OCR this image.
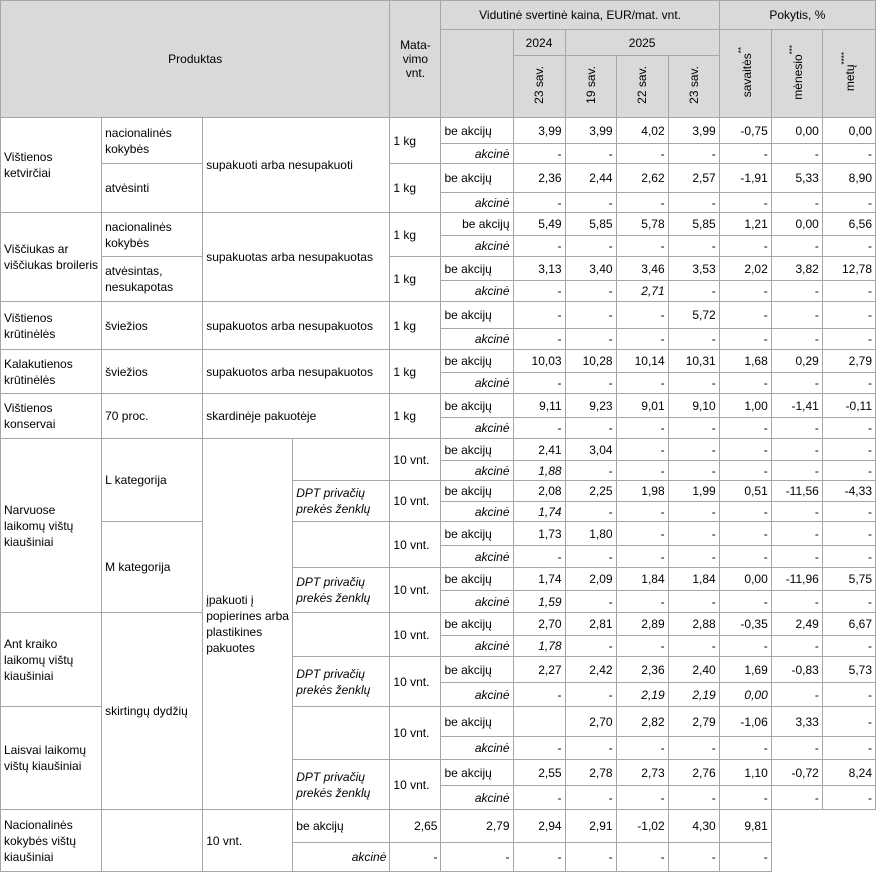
Produktas				Mata-vimo vnt.	Vidutinė svertinė kaina, EUR/mat. vnt.					Pokytis, %		
						2024	2025			savaitės**	mėnesio***	metų****
						23 sav.	19 sav.	22 sav.	23 sav.			
Vištienos ketvirčiai	nacionalinės kokybės	supakuoti arba nesupakuoti		1 kg	be akcijų	3,99	3,99	4,02	3,99	-0,75	0,00	0,00
					akcinė	-	-	-	-	-	-	-
	atvėsinti			1 kg	be akcijų	2,36	2,44	2,62	2,57	-1,91	5,33	8,90
					akcinė	-	-	-	-	-	-	-
Viščiukas ar viščiukas broileris	nacionalinės kokybės	supakuotas arba nesupakuotas		1 kg	be akcijų	5,49	5,85	5,78	5,85	1,21	0,00	6,56
					akcinė	-	-	-	-	-	-	-
	atvėsintas, nesukapotas			1 kg	be akcijų	3,13	3,40	3,46	3,53	2,02	3,82	12,78
					akcinė	-	-	2,71	-	-	-	-
Vištienos krūtinėlės	šviežios	supakuotos arba nesupakuotos		1 kg	be akcijų	-	-	-	5,72	-	-	-
					akcinė	-	-	-	-	-	-	-
Kalakutienos krūtinėlės	šviežios	supakuotos arba nesupakuotos		1 kg	be akcijų	10,03	10,28	10,14	10,31	1,68	0,29	2,79
					akcinė	-	-	-	-	-	-	-
Vištienos konservai	70 proc.	skardinėje pakuotėje		1 kg	be akcijų	9,11	9,23	9,01	9,10	1,00	-1,41	-0,11
					akcinė	-	-	-	-	-	-	-
Narvuose laikomų vištų kiaušiniai	L kategorija	įpakuoti į popierines arba plastikines pakuotes		10 vnt.	be akcijų	2,41	3,04	-	-	-	-	-
					akcinė	1,88	-	-	-	-	-	-
			DPT privačių prekės ženklų	10 vnt.	be akcijų	2,08	2,25	1,98	1,99	0,51	-11,56	-4,33
					akcinė	1,74	-	-	-	-	-	-
	M kategorija			10 vnt.	be akcijų	1,73	1,80	-	-	-	-	-
					akcinė	-	-	-	-	-	-	-
			DPT privačių prekės ženklų	10 vnt.	be akcijų	1,74	2,09	1,84	1,84	0,00	-11,96	5,75
					akcinė	1,59	-	-	-	-	-	-
Ant kraiko laikomų vištų kiaušiniai	skirtingų dydžių			10 vnt.	be akcijų	2,70	2,81	2,89	2,88	-0,35	2,49	6,67
					akcinė	1,78	-	-	-	-	-	-
			DPT privačių prekės ženklų	10 vnt.	be akcijų	2,27	2,42	2,36	2,40	1,69	-0,83	5,73
					akcinė	-	-	2,19	2,19	0,00	-	-
Laisvai laikomų vištų kiaušiniai				10 vnt.	be akcijų		2,70	2,82	2,79	-1,06	3,33	-
					akcinė	-	-	-	-	-	-	-
			DPT privačių prekės ženklų	10 vnt.	be akcijų	2,55	2,78	2,73	2,76	1,10	-0,72	8,24
					akcinė	-	-	-	-	-	-	-
Nacionalinės kokybės vištų kiaušiniai		10 vnt.	be akcijų	2,65	2,79	2,94	2,91	-1,02	4,30	9,81		
			akcinė	-	-	-	-	-	-	-		
